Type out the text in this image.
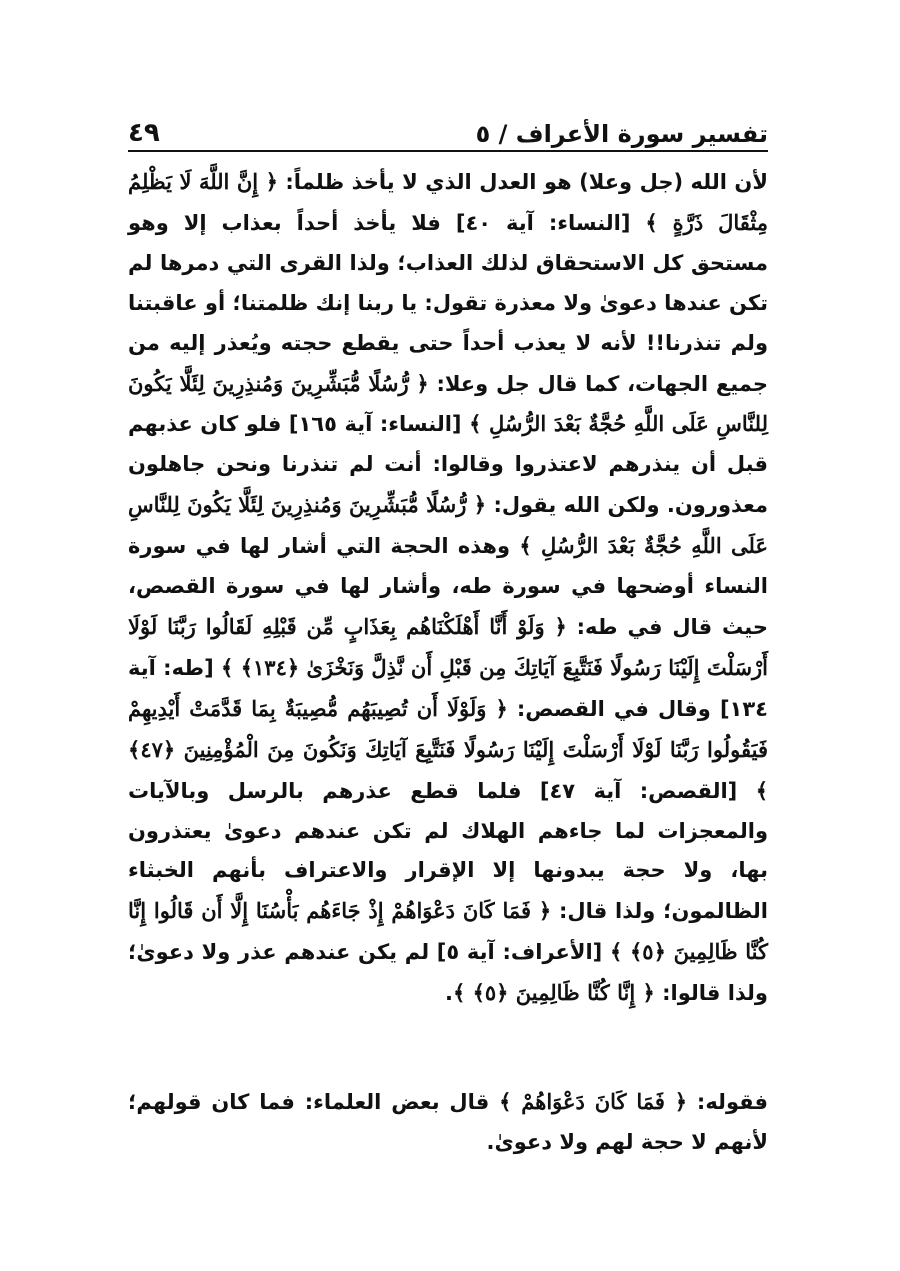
تفسير سورة الأعراف / ٥
٤٩

لأن الله (جل وعلا) هو العدل الذي لا يأخذ ظلماً: ﴿ إِنَّ اللَّهَ لَا يَظْلِمُ مِثْقَالَ ذَرَّةٍ ﴾ [النساء: آية ٤٠] فلا يأخذ أحداً بعذاب إلا وهو مستحق كل الاستحقاق لذلك العذاب؛ ولذا القرى التي دمرها لم تكن عندها دعوىٰ ولا معذرة تقول: يا ربنا إنك ظلمتنا؛ أو عاقبتنا ولم تنذرنا!! لأنه لا يعذب أحداً حتى يقطع حجته ويُعذر إليه من جميع الجهات، كما قال جل وعلا: ﴿ رُّسُلًا مُّبَشِّرِينَ وَمُنذِرِينَ لِئَلَّا يَكُونَ لِلنَّاسِ عَلَى اللَّهِ حُجَّةٌ بَعْدَ الرُّسُلِ ﴾ [النساء: آية ١٦٥] فلو كان عذبهم قبل أن ينذرهم لاعتذروا وقالوا: أنت لم تنذرنا ونحن جاهلون معذورون. ولكن الله يقول: ﴿ رُّسُلًا مُّبَشِّرِينَ وَمُنذِرِينَ لِئَلَّا يَكُونَ لِلنَّاسِ عَلَى اللَّهِ حُجَّةٌ بَعْدَ الرُّسُلِ ﴾ وهذه الحجة التي أشار لها في سورة النساء أوضحها في سورة طه، وأشار لها في سورة القصص، حيث قال في طه: ﴿ وَلَوْ أَنَّا أَهْلَكْنَاهُم بِعَذَابٍ مِّن قَبْلِهِ لَقَالُوا رَبَّنَا لَوْلَا أَرْسَلْتَ إِلَيْنَا رَسُولًا فَنَتَّبِعَ آيَاتِكَ مِن قَبْلِ أَن نَّذِلَّ وَنَخْزَىٰ ﴿١٣٤﴾ ﴾ [طه: آية ١٣٤] وقال في القصص: ﴿ وَلَوْلَا أَن تُصِيبَهُم مُّصِيبَةٌ بِمَا قَدَّمَتْ أَيْدِيهِمْ فَيَقُولُوا رَبَّنَا لَوْلَا أَرْسَلْتَ إِلَيْنَا رَسُولًا فَنَتَّبِعَ آيَاتِكَ وَنَكُونَ مِنَ الْمُؤْمِنِينَ ﴿٤٧﴾ ﴾ [القصص: آية ٤٧] فلما قطع عذرهم بالرسل وبالآيات والمعجزات لما جاءهم الهلاك لم تكن عندهم دعوىٰ يعتذرون بها، ولا حجة يبدونها إلا الإقرار والاعتراف بأنهم الخبثاء الظالمون؛ ولذا قال: ﴿ فَمَا كَانَ دَعْوَاهُمْ إِذْ جَاءَهُم بَأْسُنَا إِلَّا أَن قَالُوا إِنَّا كُنَّا ظَالِمِينَ ﴿٥﴾ ﴾ [الأعراف: آية ٥] لم يكن عندهم عذر ولا دعوىٰ؛ ولذا قالوا: ﴿ إِنَّا كُنَّا ظَالِمِينَ ﴿٥﴾ ﴾.

فقوله: ﴿ فَمَا كَانَ دَعْوَاهُمْ ﴾ قال بعض العلماء: فما كان قولهم؛ لأنهم لا حجة لهم ولا دعوىٰ.
